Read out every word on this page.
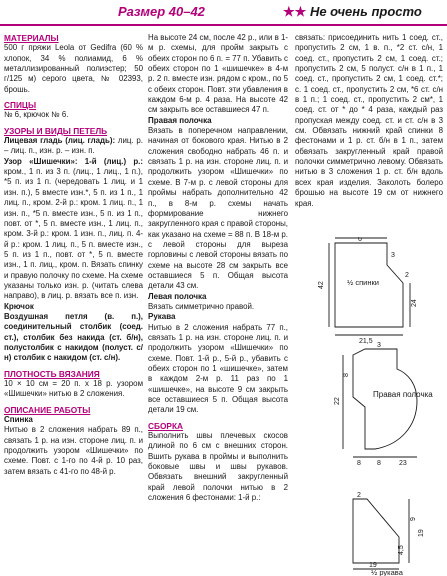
Размер 40–42	★★ Не очень просто
МАТЕРИАЛЫ

500 г пряжи Leola от Gedifra (60 % хлопок, 34 % полиамид, 6 % металлизированный полиэстер; 50 г/125 м) серого цвета, № 02393, брошь.

СПИЦЫ

№ 6, крючок № 6.

УЗОРЫ И ВИДЫ ПЕТЕЛЬ

Лицевая гладь (лиц. гладь): лиц. р. – лиц. п., изн. р. – изн. п.

Узор «Шишечки»: 1-й (лиц.) р.: кром., 1 п. из 3 п. (лиц., 1 лиц., 1 п.), *5 п. из 1 п. (чередовать 1 лиц. и 1 изн. п.), 5 вместе изн.*, 5 п. из 1 п., 1 лиц. п., кром. 2-й р.: кром. 1 лиц. п., 1 изн. п., *5 п. вместе изн., 5 п. из 1 п., повт. от *, 5 п. вместе изн., 1 лиц. п., кром. 3-й р.: кром. 1 изн. п., лиц. п. 4-й р.: кром. 1 лиц. п., 5 п. вместе изн., 5 п. из 1 п., повт. от *, 5 п. вместе изн., 1 п. лиц., кром. п. Вязать спинку и правую полочку по схеме. На схеме указаны только изн. р. (читать слева направо), в лиц. р. вязать все п. изн.

Крючок

Воздушная петля (в. п.), соединительный столбик (соед. ст.), столбик без накида (ст. б/н), полустолбик с накидом (полуст. с/н) столбик с накидом (ст. с/н).

ПЛОТНОСТЬ ВЯЗАНИЯ

10 × 10 см = 20 п. x 18 р. узором «Шишечки» нитью в 2 сложения.

ОПИСАНИЕ РАБОТЫ
Спинка

Нитью в 2 сложения набрать 89 п., связать 1 р. на изн. стороне лиц. п. и продолжить узором «Шишечки» по схеме. Повт. с 1-го по 4-й р. 10 раз, затем вязать с 41-го по 48-й р.

На высоте 24 см, после 42 р., или в 1-м р. схемы, для пройм закрыть с обеих сторон по 6 п. = 77 п. Убавить с обеих сторон по 1 «шишечке» в 4-м р. 2 п. вместе изн. рядом с кром., по 5 с обеих сторон. Повт. эти убавления в каждом 6-м р. 4 раза. На высоте 42 см закрыть все оставшиеся 47 п.

Правая полочка

Вязать в поперечном направлении, начиная от бокового края. Нитью в 2 сложения свободно набрать 46 п. и связать 1 р. на изн. стороне лиц. п. и продолжить узором «Шишечки» по схеме. В 7-м р. с левой стороны для проймы набрать дополнительно 42 п., в 8-м р. схемы начать формирование нижнего закругленного края с правой стороны, как указано на схеме = 88 п. В 18-м р. с левой стороны для выреза горловины с левой стороны вязать по схеме на высоте 28 см закрыть все оставшиеся 5 п. Общая высота детали 43 см.

Левая полочка

Вязать симметрично правой.

Рукава

Нитью в 2 сложения набрать 77 п., связать 1 р. на изн. стороне лиц. п. и продолжить узором «Шишечки» по схеме. Повт. 1-й р., 5-й р., убавить с обеих сторон по 1 «шишечке», затем в каждом 2-м р. 11 раз по 1 «шишечке», на высоте 9 см закрыть все оставшиеся 5 п. Общая высота детали 19 см.

СБОРКА

Выполнить швы плечевых скосов длиной по 6 см с внешних сторон. Вшить рукава в проймы и выполнить боковые швы и швы рукавов. Обвязать внешний закругленный край левой полочки нитью в 2 сложения 6 фестонами: 1-й р.:

связать: присоединить нить 1 соед. ст., пропустить 2 см, 1 в. п., *2 ст. с/н, 1 соед. ст., пропустить 2 см, 1 соед. ст.; пропустить 2 см, 5 полуст. с/н в 1 п., 1 соед. ст., пропустить 2 см, 1 соед. ст.*; с. 1 соед. ст., пропустить 2 см, *6 ст. с/н в 1 п.; 1 соед. ст., пропустить 2 см*, 1 соед. ст. от * до * 4 раза, каждый раз пропуская между соед. ст. и ст. с/н в 3 см. Обвязать нижний край спинки 8 фестонами и 1 р. ст. б/н в 1 п., затем обвязать закругленный край правой полочки симметрично левому. Обвязать нитью в 3 сложения 1 р. ст. б/н вдоль всех края изделия. Заколоть болеро брошью на высоте 19 см от нижнего края.

6
42
24
21,5
3
2
½ спинки
3
22
8
8 8	23
Правая полочка
2
9
19
4,5
19
½ рукава
